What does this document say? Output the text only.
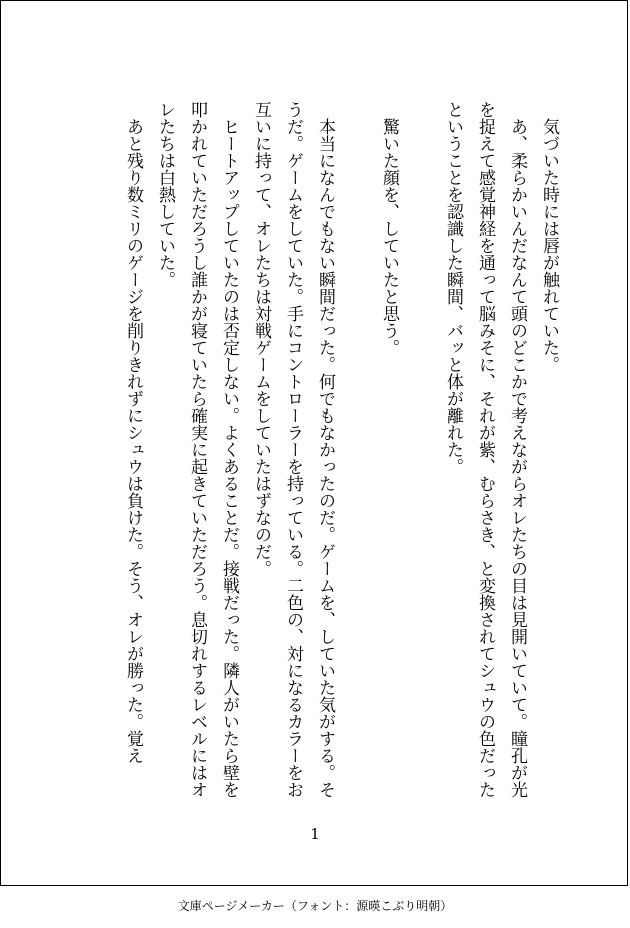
気づいた時には唇が触れていた。

あ、柔らかいんだなんて頭のどこかで考えながらオレたちの目は見開いていて。瞳孔が光を捉えて感覚神経を通って脳みそに、それが紫、むらさき、と変換されてシュウの色だったということを認識した瞬間、バッと体が離れた。

驚いた顔を、していたと思う。

本当になんでもない瞬間だった。何でもなかったのだ。ゲームを、していた気がする。そうだ。ゲームをしていた。手にコントローラーを持っている。二色の、対になるカラーをお互いに持って、オレたちは対戦ゲームをしていたはずなのだ。

ヒートアップしていたのは否定しない。よくあることだ。接戦だった。隣人がいたら壁を叩かれていただろうし誰かが寝ていたら確実に起きていただろう。息切れするレベルにはオレたちは白熱していた。

あと残り数ミリのゲージを削りきれずにシュウは負けた。そう、オレが勝った。覚え

1
文庫ページメーカー（フォント：源暎こぶり明朝）
